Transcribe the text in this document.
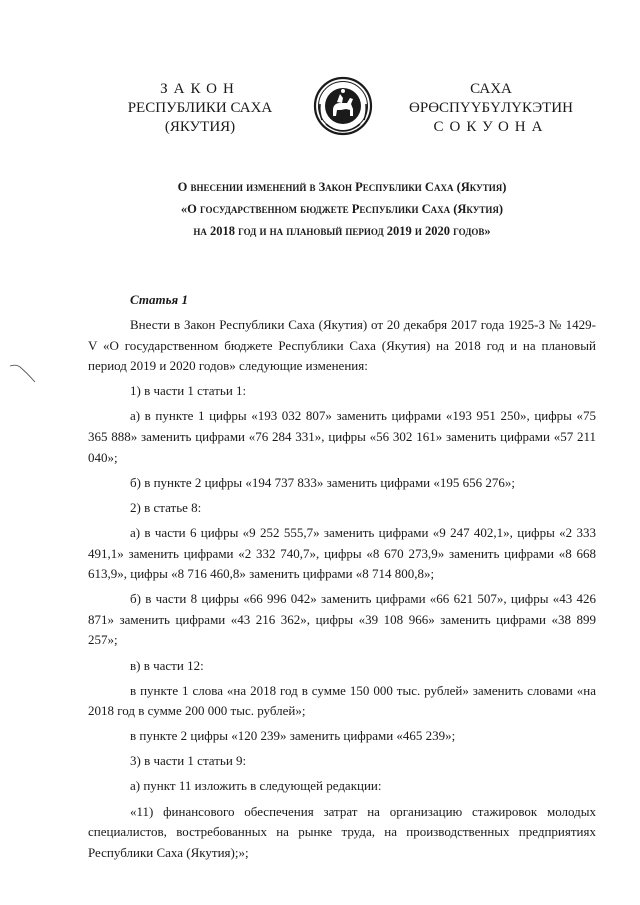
ЗАКОН
РЕСПУБЛИКИ САХА (ЯКУТИЯ)
САХА ӨРӨСПҮҮБҮЛҮКЭТИН
СОКУОНА
О внесении изменений в Закон Республики Саха (Якутия)
«О государственном бюджете Республики Саха (Якутия)
на 2018 год и на плановый период 2019 и 2020 годов»

Статья 1

Внести в Закон Республики Саха (Якутия) от 20 декабря 2017 года 1925-З № 1429-V «О государственном бюджете Республики Саха (Якутия) на 2018 год и на плановый период 2019 и 2020 годов» следующие изменения:

1) в части 1 статьи 1:

а) в пункте 1 цифры «193 032 807» заменить цифрами «193 951 250», цифры «75 365 888» заменить цифрами «76 284 331», цифры «56 302 161» заменить цифрами «57 211 040»;

б) в пункте 2 цифры «194 737 833» заменить цифрами «195 656 276»;

2) в статье 8:

а) в части 6 цифры «9 252 555,7» заменить цифрами «9 247 402,1», цифры «2 333 491,1» заменить цифрами «2 332 740,7», цифры «8 670 273,9» заменить цифрами «8 668 613,9», цифры «8 716 460,8» заменить цифрами «8 714 800,8»;

б) в части 8 цифры «66 996 042» заменить цифрами «66 621 507», цифры «43 426 871» заменить цифрами «43 216 362», цифры «39 108 966» заменить цифрами «38 899 257»;

в) в части 12:

в пункте 1 слова «на 2018 год в сумме 150 000 тыс. рублей» заменить словами «на 2018 год в сумме 200 000 тыс. рублей»;

в пункте 2 цифры «120 239» заменить цифрами «465 239»;

3) в части 1 статьи 9:

а) пункт 11 изложить в следующей редакции:

«11) финансового обеспечения затрат на организацию стажировок молодых специалистов, востребованных на рынке труда, на производственных предприятиях Республики Саха (Якутия);»;
